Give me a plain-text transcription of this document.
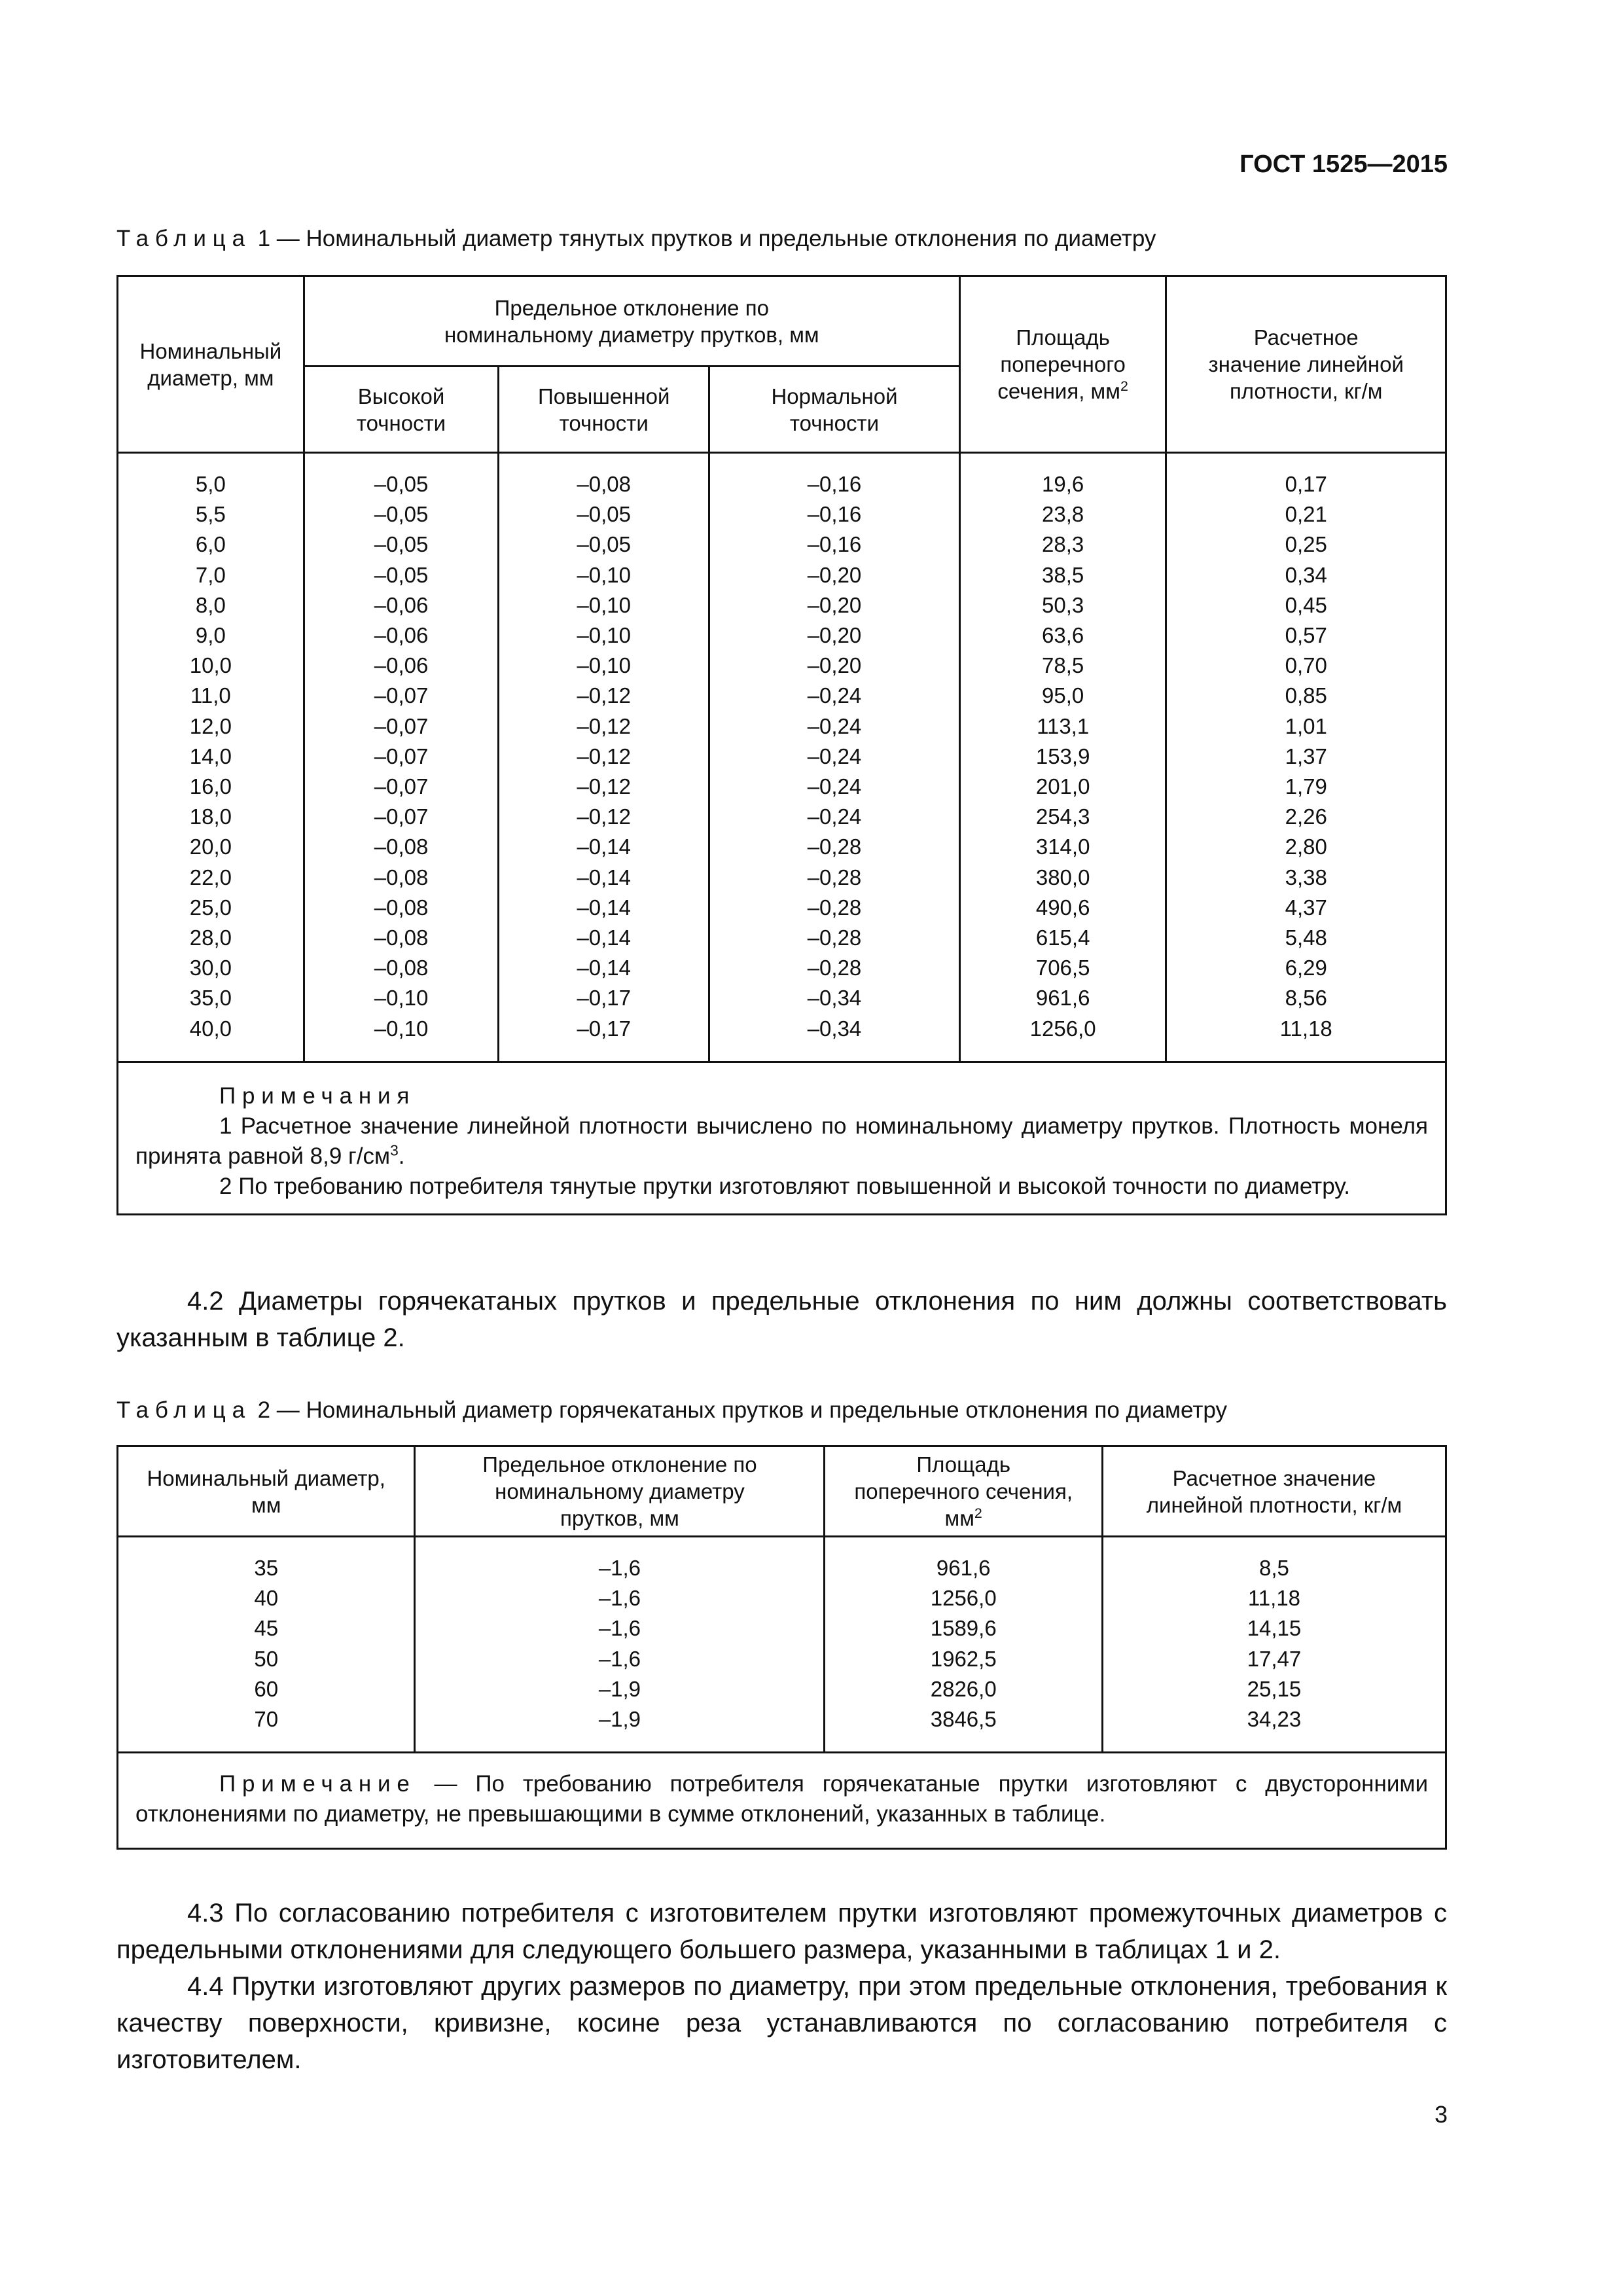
ГОСТ 1525—2015
Таблица 1 — Номинальный диаметр тянутых прутков и предельные отклонения по диаметру
Номинальный диаметр, мм	Предельное отклонение по номинальному диаметру прутков, мм			Площадь поперечного сечения, $мм^2$	Расчетное значение линейной плотности, кг/м
	Высокой точности	Повышенной точности	Нормальной точности		
5,0	–0,05	–0,08	–0,16	19,6	0,17
5,5	–0,05	–0,05	–0,16	23,8	0,21
6,0	–0,05	–0,05	–0,16	28,3	0,25
7,0	–0,05	–0,10	–0,20	38,5	0,34
8,0	–0,06	–0,10	–0,20	50,3	0,45
9,0	–0,06	–0,10	–0,20	63,6	0,57
10,0	–0,06	–0,10	–0,20	78,5	0,70
11,0	–0,07	–0,12	–0,24	95,0	0,85
12,0	–0,07	–0,12	–0,24	113,1	1,01
14,0	–0,07	–0,12	–0,24	153,9	1,37
16,0	–0,07	–0,12	–0,24	201,0	1,79
18,0	–0,07	–0,12	–0,24	254,3	2,26
20,0	–0,08	–0,14	–0,28	314,0	2,80
22,0	–0,08	–0,14	–0,28	380,0	3,38
25,0	–0,08	–0,14	–0,28	490,6	4,37
28,0	–0,08	–0,14	–0,28	615,4	5,48
30,0	–0,08	–0,14	–0,28	706,5	6,29
35,0	–0,10	–0,17	–0,34	961,6	8,56
40,0	–0,10	–0,17	–0,34	1256,0	11,18

Примечания
1 Расчетное значение линейной плотности вычислено по номинальному диаметру прутков. Плотность монеля принята равной 8,9 $г/см^3$.
2 По требованию потребителя тянутые прутки изготовляют повышенной и высокой точности по диаметру.					

4.2 Диаметры горячекатаных прутков и предельные отклонения по ним должны соответствовать указанным в таблице 2.

Таблица 2 — Номинальный диаметр горячекатаных прутков и предельные отклонения по диаметру
Номинальный диаметр, мм	Предельное отклонение по номинальному диаметру прутков, мм	Площадь поперечного сечения, $мм^2$	Расчетное значение линейной плотности, кг/м
35	–1,6	961,6	8,5
40	–1,6	1256,0	11,18
45	–1,6	1589,6	14,15
50	–1,6	1962,5	17,47
60	–1,9	2826,0	25,15
70	–1,9	3846,5	34,23
Примечание — По требованию потребителя горячекатаные прутки изготовляют с двусторонними отклонениями по диаметру, не превышающими в сумме отклонений, указанных в таблице.			

4.3 По согласованию потребителя с изготовителем прутки изготовляют промежуточных диаметров с предельными отклонениями для следующего большего размера, указанными в таблицах 1 и 2.

4.4 Прутки изготовляют других размеров по диаметру, при этом предельные отклонения, требования к качеству поверхности, кривизне, косине реза устанавливаются по согласованию потребителя с изготовителем.

3
